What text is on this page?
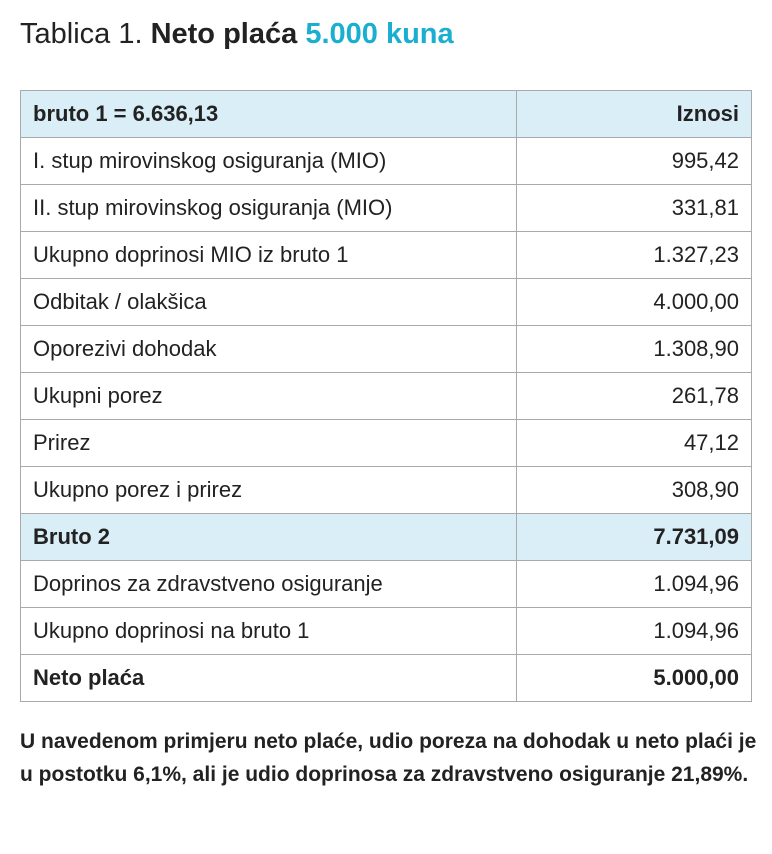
Tablica 1. Neto plaća 5.000 kuna
bruto 1 = 6.636,13	Iznosi
I. stup mirovinskog osiguranja (MIO)	995,42
II. stup mirovinskog osiguranja (MIO)	331,81
Ukupno doprinosi MIO iz bruto 1	1.327,23
Odbitak / olakšica	4.000,00
Oporezivi dohodak	1.308,90
Ukupni porez	261,78
Prirez	47,12
Ukupno porez i prirez	308,90
Bruto 2	7.731,09
Doprinos za zdravstveno osiguranje	1.094,96
Ukupno doprinosi na bruto 1	1.094,96
Neto plaća	5.000,00

U navedenom primjeru neto plaće, udio poreza na dohodak u neto plaći je u postotku 6,1%, ali je udio doprinosa za zdravstveno osiguranje 21,89%.
